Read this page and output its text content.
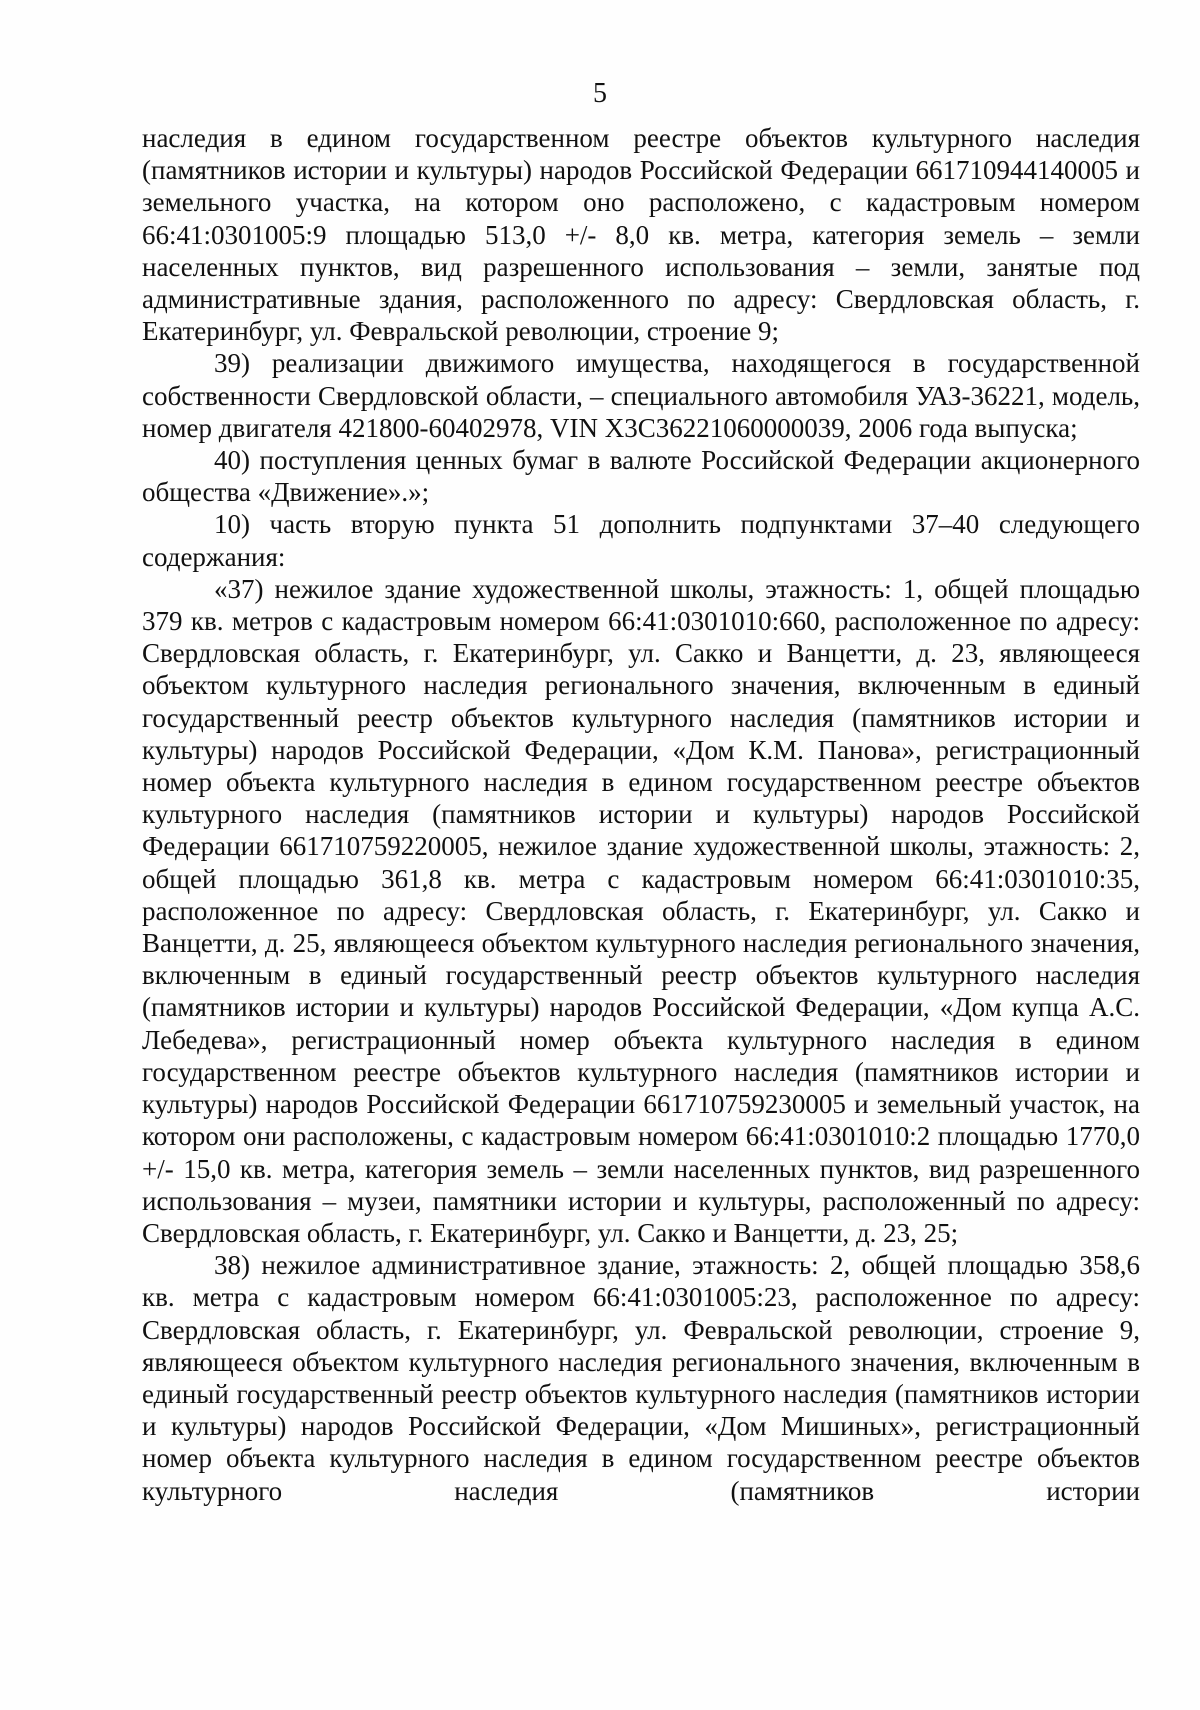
5

наследия в едином государственном реестре объектов культурного наследия (памятников истории и культуры) народов Российской Федерации 661710944140005 и земельного участка, на котором оно расположено, с кадастровым номером 66:41:0301005:9 площадью 513,0 +/- 8,0 кв. метра, категория земель – земли населенных пунктов, вид разрешенного использования – земли, занятые под административные здания, расположенного по адресу: Свердловская область, г. Екатеринбург, ул. Февральской революции, строение 9;

39) реализации движимого имущества, находящегося в государственной собственности Свердловской области, – специального автомобиля УАЗ-36221, модель, номер двигателя 421800-60402978, VIN X3C36221060000039, 2006 года выпуска;

40) поступления ценных бумаг в валюте Российской Федерации акционерного общества «Движение».»;

10) часть вторую пункта 51 дополнить подпунктами 37–40 следующего содержания:

«37) нежилое здание художественной школы, этажность: 1, общей площадью 379 кв. метров с кадастровым номером 66:41:0301010:660, расположенное по адресу: Свердловская область, г. Екатеринбург, ул. Сакко и Ванцетти, д. 23, являющееся объектом культурного наследия регионального значения, включенным в единый государственный реестр объектов культурного наследия (памятников истории и культуры) народов Российской Федерации, «Дом К.М. Панова», регистрационный номер объекта культурного наследия в едином государственном реестре объектов культурного наследия (памятников истории и культуры) народов Российской Федерации 661710759220005, нежилое здание художественной школы, этажность: 2, общей площадью 361,8 кв. метра с кадастровым номером 66:41:0301010:35, расположенное по адресу: Свердловская область, г. Екатеринбург, ул. Сакко и Ванцетти, д. 25, являющееся объектом культурного наследия регионального значения, включенным в единый государственный реестр объектов культурного наследия (памятников истории и культуры) народов Российской Федерации, «Дом купца А.С. Лебедева», регистрационный номер объекта культурного наследия в едином государственном реестре объектов культурного наследия (памятников истории и культуры) народов Российской Федерации 661710759230005 и земельный участок, на котором они расположены, с кадастровым номером 66:41:0301010:2 площадью 1770,0 +/- 15,0 кв. метра, категория земель – земли населенных пунктов, вид разрешенного использования – музеи, памятники истории и культуры, расположенный по адресу: Свердловская область, г. Екатеринбург, ул. Сакко и Ванцетти, д. 23, 25;

38) нежилое административное здание, этажность: 2, общей площадью 358,6 кв. метра с кадастровым номером 66:41:0301005:23, расположенное по адресу: Свердловская область, г. Екатеринбург, ул. Февральской революции, строение 9, являющееся объектом культурного наследия регионального значения, включенным в единый государственный реестр объектов культурного наследия (памятников истории и культуры) народов Российской Федерации, «Дом Мишиных», регистрационный номер объекта культурного наследия в едином государственном реестре объектов культурного наследия (памятников истории
